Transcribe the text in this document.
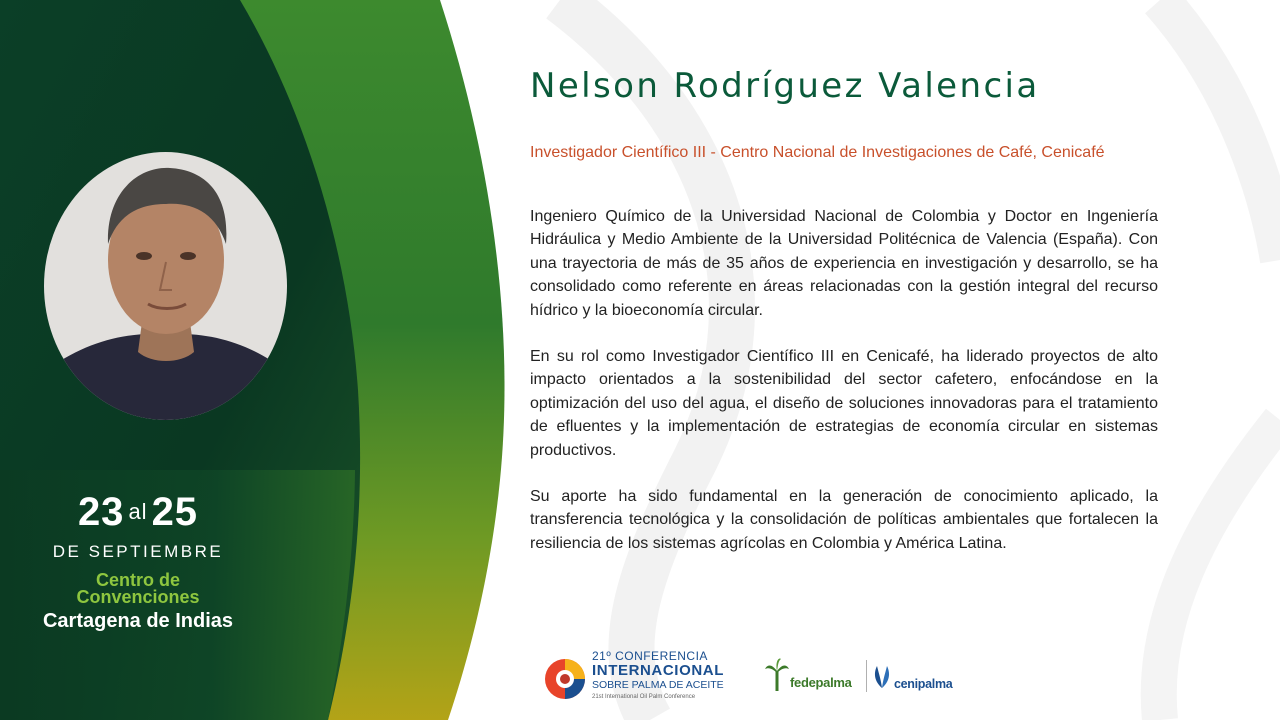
23 al 25
DE SEPTIEMBRE
Centro de
Convenciones
Cartagena de Indias
Nelson Rodríguez Valencia
Investigador Científico III - Centro Nacional de Investigaciones de Café, Cenicafé

Ingeniero Químico de la Universidad Nacional de Colombia y Doctor en Ingeniería Hidráulica y Medio Ambiente de la Universidad Politécnica de Valencia (España). Con una trayectoria de más de 35 años de experiencia en investigación y desarrollo, se ha consolidado como referente en áreas relacionadas con la gestión integral del recurso hídrico y la bioeconomía circular.

En su rol como Investigador Científico III en Cenicafé, ha liderado proyectos de alto impacto orientados a la sostenibilidad del sector cafetero, enfocándose en la optimización del uso del agua, el diseño de soluciones innovadoras para el tratamiento de efluentes y la implementación de estrategias de economía circular en sistemas productivos.

Su aporte ha sido fundamental en la generación de conocimiento aplicado, la transferencia tecnológica y la consolidación de políticas ambientales que fortalecen la resiliencia de los sistemas agrícolas en Colombia y América Latina.

21º CONFERENCIA
INTERNACIONAL
SOBRE PALMA DE ACEITE
21st International Oil Palm Conference
fedepalma	cenipalma
